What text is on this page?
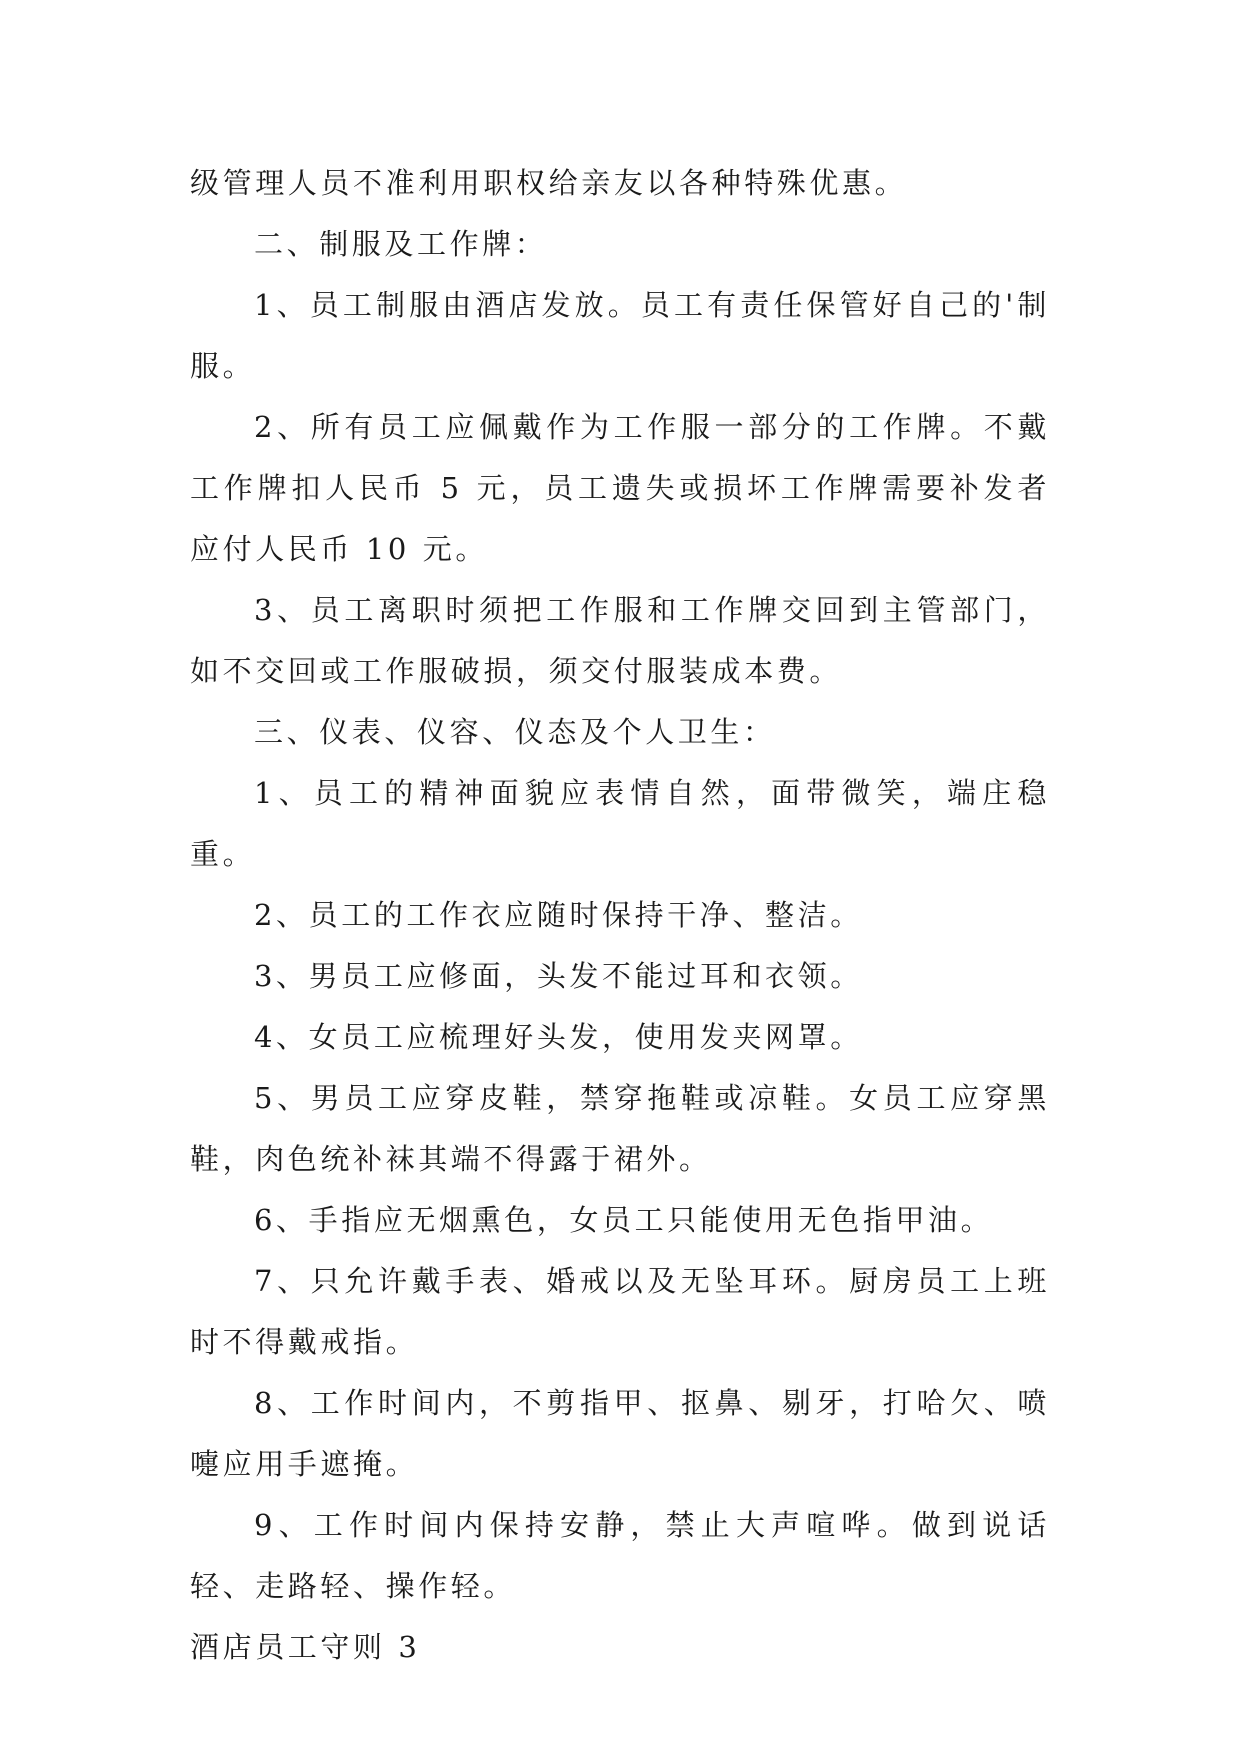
级管理人员不准利用职权给亲友以各种特殊优惠。

二、制服及工作牌：

1、员工制服由酒店发放。员工有责任保管好自己的'制服。

2、所有员工应佩戴作为工作服一部分的工作牌。不戴工作牌扣人民币 5 元，员工遗失或损坏工作牌需要补发者应付人民币 10 元。

3、员工离职时须把工作服和工作牌交回到主管部门，如不交回或工作服破损，须交付服装成本费。

三、仪表、仪容、仪态及个人卫生：

1、员工的精神面貌应表情自然，面带微笑，端庄稳重。

2、员工的工作衣应随时保持干净、整洁。

3、男员工应修面，头发不能过耳和衣领。

4、女员工应梳理好头发，使用发夹网罩。

5、男员工应穿皮鞋，禁穿拖鞋或凉鞋。女员工应穿黑鞋，肉色统补袜其端不得露于裙外。

6、手指应无烟熏色，女员工只能使用无色指甲油。

7、只允许戴手表、婚戒以及无坠耳环。厨房员工上班时不得戴戒指。

8、工作时间内，不剪指甲、抠鼻、剔牙，打哈欠、喷嚏应用手遮掩。

9、工作时间内保持安静，禁止大声喧哗。做到说话轻、走路轻、操作轻。

酒店员工守则 3
